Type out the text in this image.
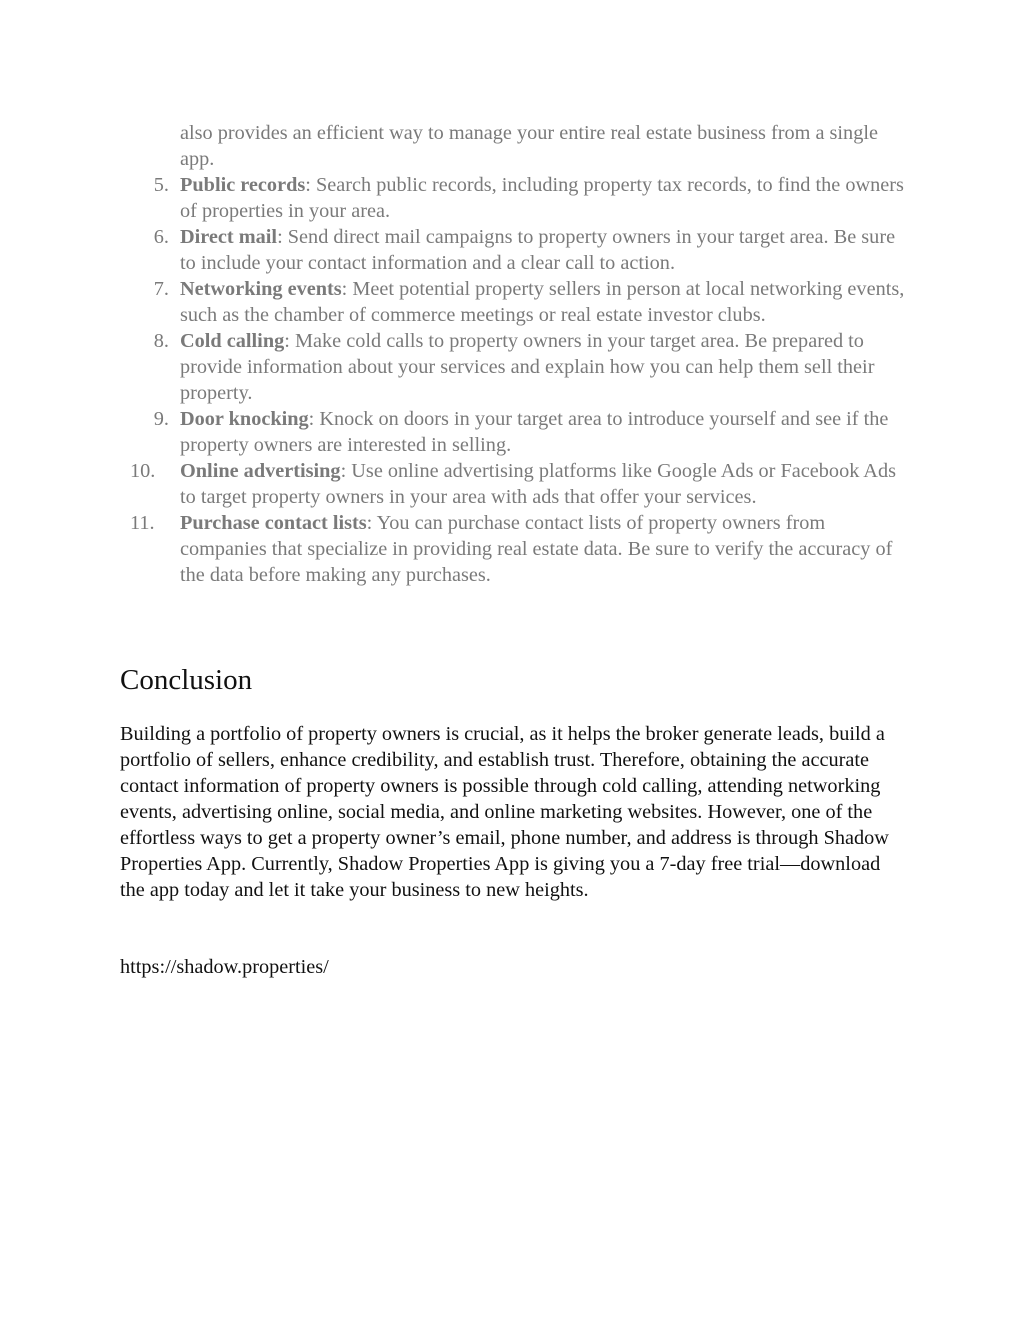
also provides an efficient way to manage your entire real estate business from a single app.
5. Public records: Search public records, including property tax records, to find the owners of properties in your area.
6. Direct mail: Send direct mail campaigns to property owners in your target area. Be sure to include your contact information and a clear call to action.
7. Networking events: Meet potential property sellers in person at local networking events, such as the chamber of commerce meetings or real estate investor clubs.
8. Cold calling: Make cold calls to property owners in your target area. Be prepared to provide information about your services and explain how you can help them sell their property.
9. Door knocking: Knock on doors in your target area to introduce yourself and see if the property owners are interested in selling.
10.	Online advertising: Use online advertising platforms like Google Ads or Facebook Ads to target property owners in your area with ads that offer your services.
11.	Purchase contact lists: You can purchase contact lists of property owners from companies that specialize in providing real estate data. Be sure to verify the accuracy of the data before making any purchases.
Conclusion

Building a portfolio of property owners is crucial, as it helps the broker generate leads, build a portfolio of sellers, enhance credibility, and establish trust. Therefore, obtaining the accurate contact information of property owners is possible through cold calling, attending networking events, advertising online, social media, and online marketing websites. However, one of the effortless ways to get a property owner’s email, phone number, and address is through Shadow Properties App. Currently, Shadow Properties App is giving you a 7-day free trial—download the app today and let it take your business to new heights.

https://shadow.properties/
